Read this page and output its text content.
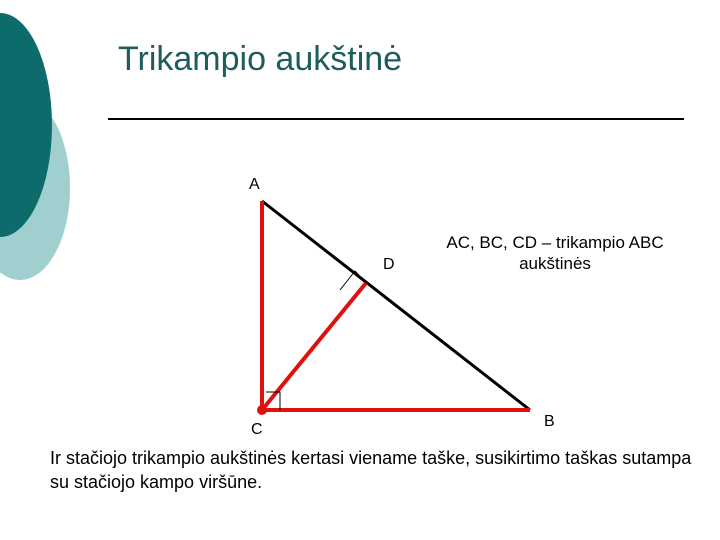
Trikampio aukštinė
A
B
C
D
AC, BC, CD – trikampio ABC aukštinės
Ir stačiojo trikampio aukštinės kertasi viename taške, susikirtimo taškas sutampa su stačiojo kampo viršūne.
